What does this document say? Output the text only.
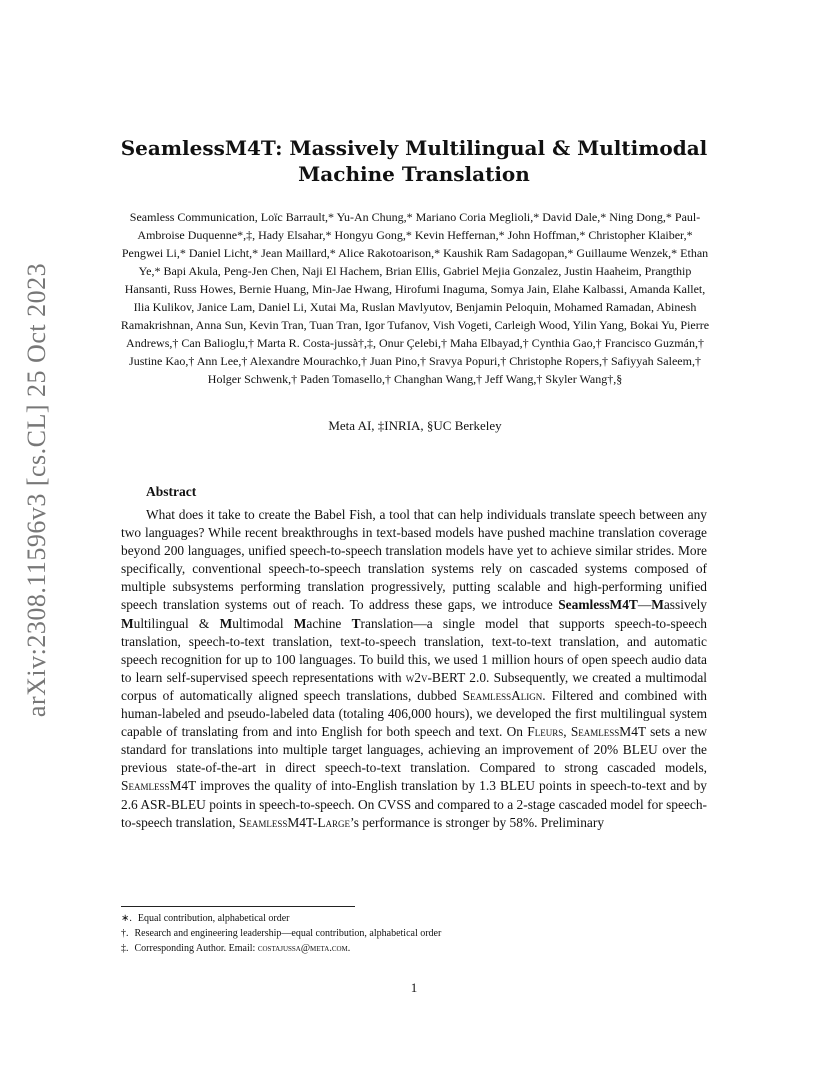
arXiv:2308.11596v3 [cs.CL] 25 Oct 2023
SeamlessM4T: Massively Multilingual & Multimodal Machine Translation
Seamless Communication, Loïc Barrault,* Yu-An Chung,* Mariano Coria Meglioli,* David Dale,* Ning Dong,* Paul-Ambroise Duquenne*,‡, Hady Elsahar,* Hongyu Gong,* Kevin Heffernan,* John Hoffman,* Christopher Klaiber,* Pengwei Li,* Daniel Licht,* Jean Maillard,* Alice Rakotoarison,* Kaushik Ram Sadagopan,* Guillaume Wenzek,* Ethan Ye,* Bapi Akula, Peng-Jen Chen, Naji El Hachem, Brian Ellis, Gabriel Mejia Gonzalez, Justin Haaheim, Prangthip Hansanti, Russ Howes, Bernie Huang, Min-Jae Hwang, Hirofumi Inaguma, Somya Jain, Elahe Kalbassi, Amanda Kallet, Ilia Kulikov, Janice Lam, Daniel Li, Xutai Ma, Ruslan Mavlyutov, Benjamin Peloquin, Mohamed Ramadan, Abinesh Ramakrishnan, Anna Sun, Kevin Tran, Tuan Tran, Igor Tufanov, Vish Vogeti, Carleigh Wood, Yilin Yang, Bokai Yu, Pierre Andrews,† Can Balioglu,† Marta R. Costa-jussà†,‡, Onur Çelebi,† Maha Elbayad,† Cynthia Gao,† Francisco Guzmán,† Justine Kao,† Ann Lee,† Alexandre Mourachko,† Juan Pino,† Sravya Popuri,† Christophe Ropers,† Safiyyah Saleem,† Holger Schwenk,† Paden Tomasello,† Changhan Wang,† Jeff Wang,† Skyler Wang†,§
Meta AI, ‡INRIA, §UC Berkeley
Abstract

What does it take to create the Babel Fish, a tool that can help individuals translate speech between any two languages? While recent breakthroughs in text-based models have pushed machine translation coverage beyond 200 languages, unified speech-to-speech translation models have yet to achieve similar strides. More specifically, conventional speech-to-speech translation systems rely on cascaded systems composed of multiple subsystems performing translation progressively, putting scalable and high-performing unified speech translation systems out of reach. To address these gaps, we introduce SeamlessM4T—Massively Multilingual & Multimodal Machine Translation—a single model that supports speech-to-speech translation, speech-to-text translation, text-to-speech translation, text-to-text translation, and automatic speech recognition for up to 100 languages. To build this, we used 1 million hours of open speech audio data to learn self-supervised speech representations with w2v-BERT 2.0. Subsequently, we created a multimodal corpus of automatically aligned speech translations, dubbed SeamlessAlign. Filtered and combined with human-labeled and pseudo-labeled data (totaling 406,000 hours), we developed the first multilingual system capable of translating from and into English for both speech and text. On Fleurs, SeamlessM4T sets a new standard for translations into multiple target languages, achieving an improvement of 20% BLEU over the previous state-of-the-art in direct speech-to-text translation. Compared to strong cascaded models, SeamlessM4T improves the quality of into-English translation by 1.3 BLEU points in speech-to-text and by 2.6 ASR-BLEU points in speech-to-speech. On CVSS and compared to a 2-stage cascaded model for speech-to-speech translation, SeamlessM4T-Large’s performance is stronger by 58%. Preliminary

∗. Equal contribution, alphabetical order
†. Research and engineering leadership—equal contribution, alphabetical order
‡. Corresponding Author. Email: costajussa@meta.com.
1
